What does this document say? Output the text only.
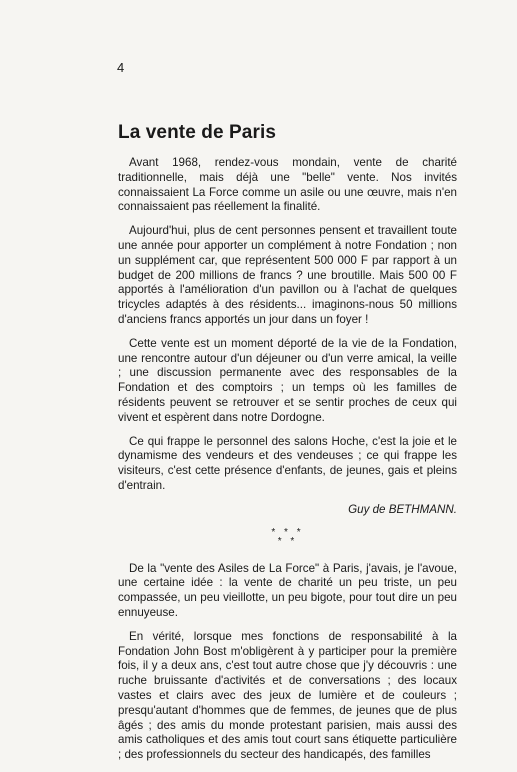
4
La vente de Paris

Avant 1968, rendez-vous mondain, vente de charité traditionnelle, mais déjà une "belle" vente. Nos invités connaissaient La Force comme un asile ou une œuvre, mais n'en connaissaient pas réellement la finalité.

Aujourd'hui, plus de cent personnes pensent et travaillent toute une année pour apporter un complément à notre Fondation ; non un supplément car, que représentent 500 000 F par rapport à un budget de 200 millions de francs ? une broutille. Mais 500 00 F apportés à l'amélioration d'un pavillon ou à l'achat de quelques tricycles adaptés à des résidents... imaginons-nous 50 millions d'anciens francs apportés un jour dans un foyer !

Cette vente est un moment déporté de la vie de la Fondation, une rencontre autour d'un déjeuner ou d'un verre amical, la veille ; une discussion permanente avec des responsables de la Fondation et des comptoirs ; un temps où les familles de résidents peuvent se retrouver et se sentir proches de ceux qui vivent et espèrent dans notre Dordogne.

Ce qui frappe le personnel des salons Hoche, c'est la joie et le dynamisme des vendeurs et des vendeuses ; ce qui frappe les visiteurs, c'est cette présence d'enfants, de jeunes, gais et pleins d'entrain.

Guy de BETHMANN.
* * *
* *

De la "vente des Asiles de La Force" à Paris, j'avais, je l'avoue, une certaine idée : la vente de charité un peu triste, un peu compassée, un peu vieillotte, un peu bigote, pour tout dire un peu ennuyeuse.

En vérité, lorsque mes fonctions de responsabilité à la Fondation John Bost m'obligèrent à y participer pour la première fois, il y a deux ans, c'est tout autre chose que j'y découvris : une ruche bruissante d'activités et de conversations ; des locaux vastes et clairs avec des jeux de lumière et de couleurs ; presqu'autant d'hommes que de femmes, de jeunes que de plus âgés ; des amis du monde protestant parisien, mais aussi des amis catholiques et des amis tout court sans étiquette particulière ; des professionnels du secteur des handicapés, des familles
